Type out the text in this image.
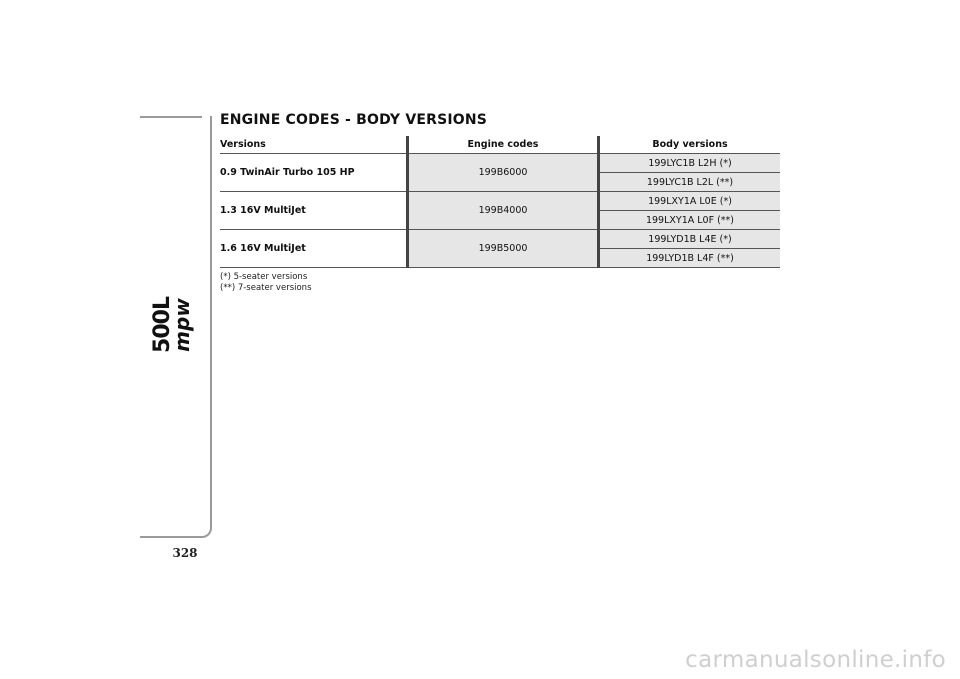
500L
mpw
328
ENGINE CODES - BODY VERSIONS
Versions	Engine codes	Body versions
0.9 TwinAir Turbo 105 HP	199B6000	199LYC1B L2H (*)
		199LYC1B L2L (**)
1.3 16V MultiJet	199B4000	199LXY1A L0E (*)
		199LXY1A L0F (**)
1.6 16V MultiJet	199B5000	199LYD1B L4E (*)
		199LYD1B L4F (**)
(*) 5-seater versions
(**) 7-seater versions
carmanualsonline.info
